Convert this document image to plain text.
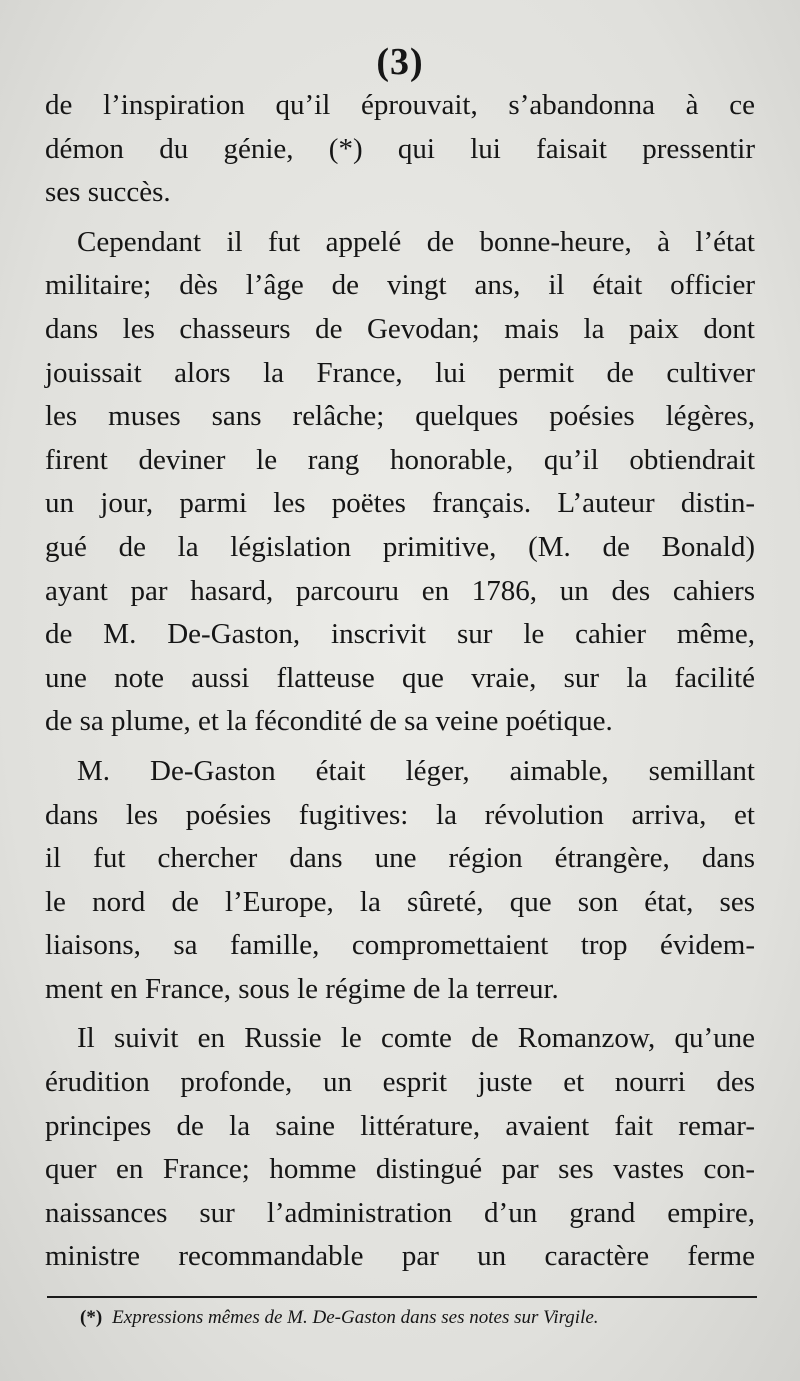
(3)
de l’inspiration qu’il éprouvait, s’abandonna à ce
démon du génie, (*) qui lui faisait pressentir
ses succès.
Cependant il fut appelé de bonne-heure, à l’état
militaire; dès l’âge de vingt ans, il était officier
dans les chasseurs de Gevodan; mais la paix dont
jouissait alors la France, lui permit de cultiver
les muses sans relâche; quelques poésies légères,
firent deviner le rang honorable, qu’il obtiendrait
un jour, parmi les poëtes français. L’auteur distin-
gué de la législation primitive, (M. de Bonald)
ayant par hasard, parcouru en 1786, un des cahiers
de M. De-Gaston, inscrivit sur le cahier même,
une note aussi flatteuse que vraie, sur la facilité
de sa plume, et la fécondité de sa veine poétique.
M. De-Gaston était léger, aimable, semillant
dans les poésies fugitives: la révolution arriva, et
il fut chercher dans une région étrangère, dans
le nord de l’Europe, la sûreté, que son état, ses
liaisons, sa famille, compromettaient trop évidem-
ment en France, sous le régime de la terreur.
Il suivit en Russie le comte de Romanzow, qu’une
érudition profonde, un esprit juste et nourri des
principes de la saine littérature, avaient fait remar-
quer en France; homme distingué par ses vastes con-
naissances sur l’administration d’un grand empire,
ministre recommandable par un caractère ferme
(*) Expressions mêmes de M. De-Gaston dans ses notes sur Virgile.
